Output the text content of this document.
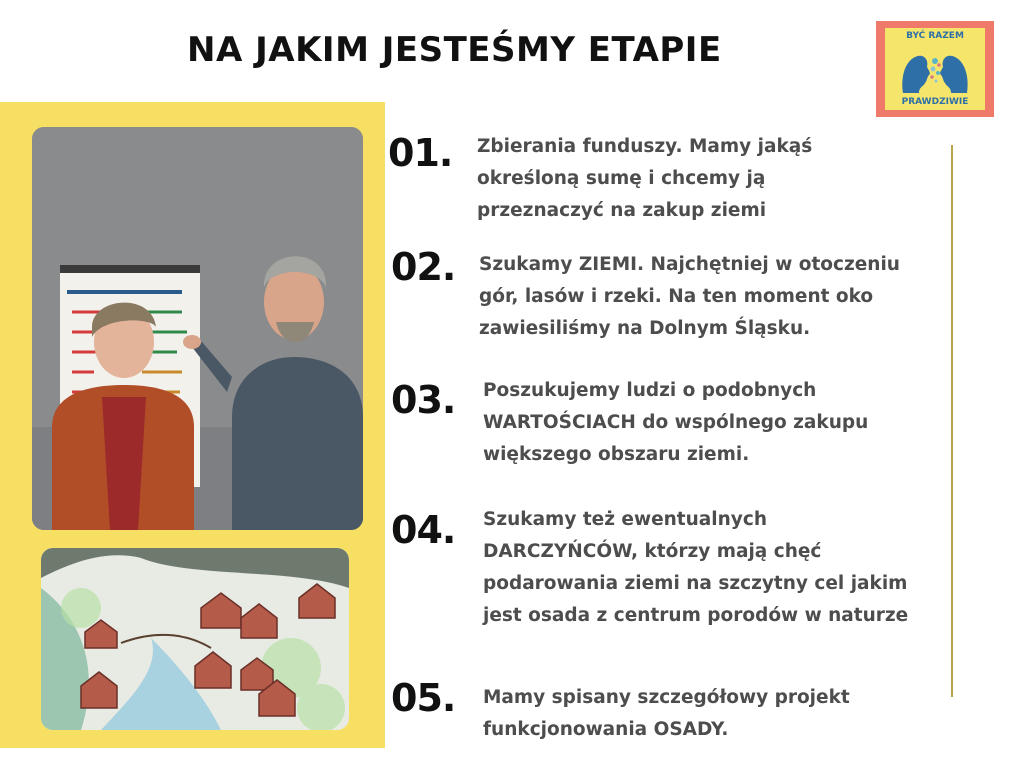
NA JAKIM JESTEŚMY ETAPIE	BYĆ RAZEM
PRAWDZIWIE
01. Zbierania funduszy. Mamy jakąś określoną sumę i chcemy ją przeznaczyć na zakup ziemi
02. Szukamy ZIEMI. Najchętniej w otoczeniu gór, lasów i rzeki. Na ten moment oko zawiesiliśmy na Dolnym Śląsku.
03. Poszukujemy ludzi o podobnych WARTOŚCIACH do wspólnego zakupu większego obszaru ziemi.
04. Szukamy też ewentualnych DARCZYŃCÓW, którzy mają chęć podarowania ziemi na szczytny cel jakim jest osada z centrum porodów w naturze
05. Mamy spisany szczegółowy projekt funkcjonowania OSADY.
